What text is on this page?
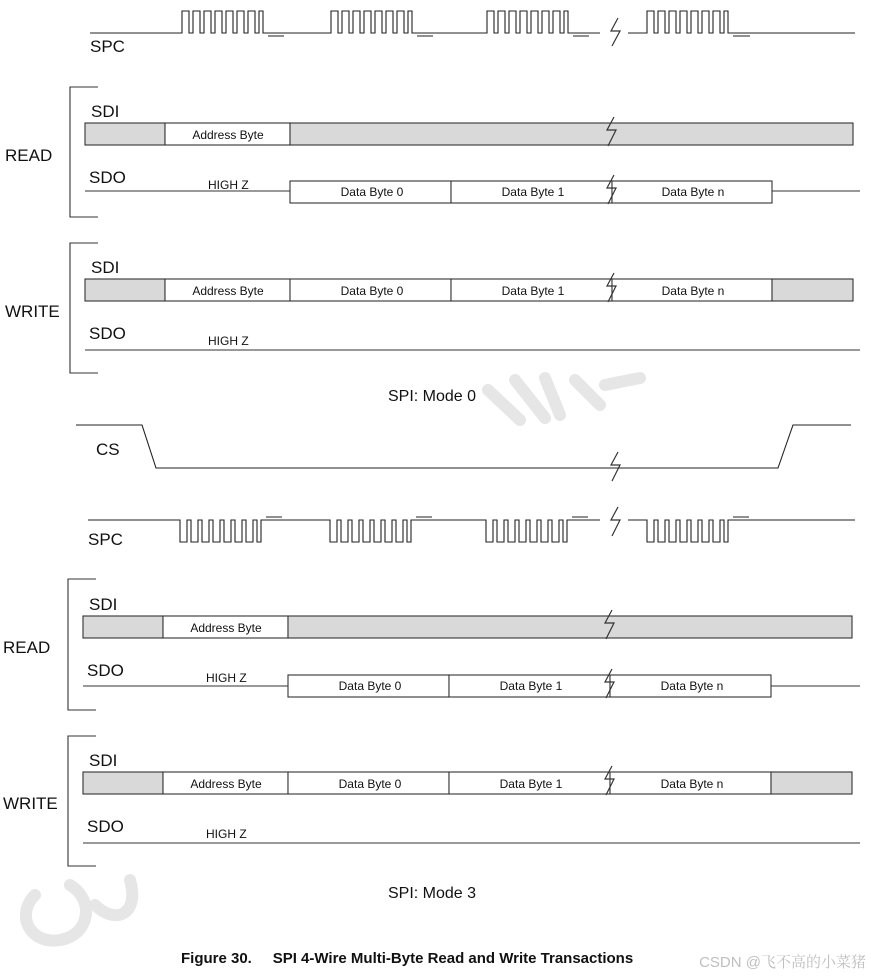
SPC
READ
SDI
Address Byte
SDO	HIGH Z	Data Byte 0	Data Byte 1	Data Byte n
WRITE
SDI
Address Byte	Data Byte 0	Data Byte 1	Data Byte n
SDO	HIGH Z
SPI: Mode 0
CS
SPC
READ
SDI
Address Byte
SDO	HIGH Z
Data Byte 0	Data Byte 1	Data Byte n
WRITE
SDI
Address Byte	Data Byte 0	Data Byte 1	Data Byte n
SDO	HIGH Z
SPI: Mode 3
Figure 30.     SPI 4-Wire Multi-Byte Read and Write Transactions	CSDN @飞不高的小菜猪
